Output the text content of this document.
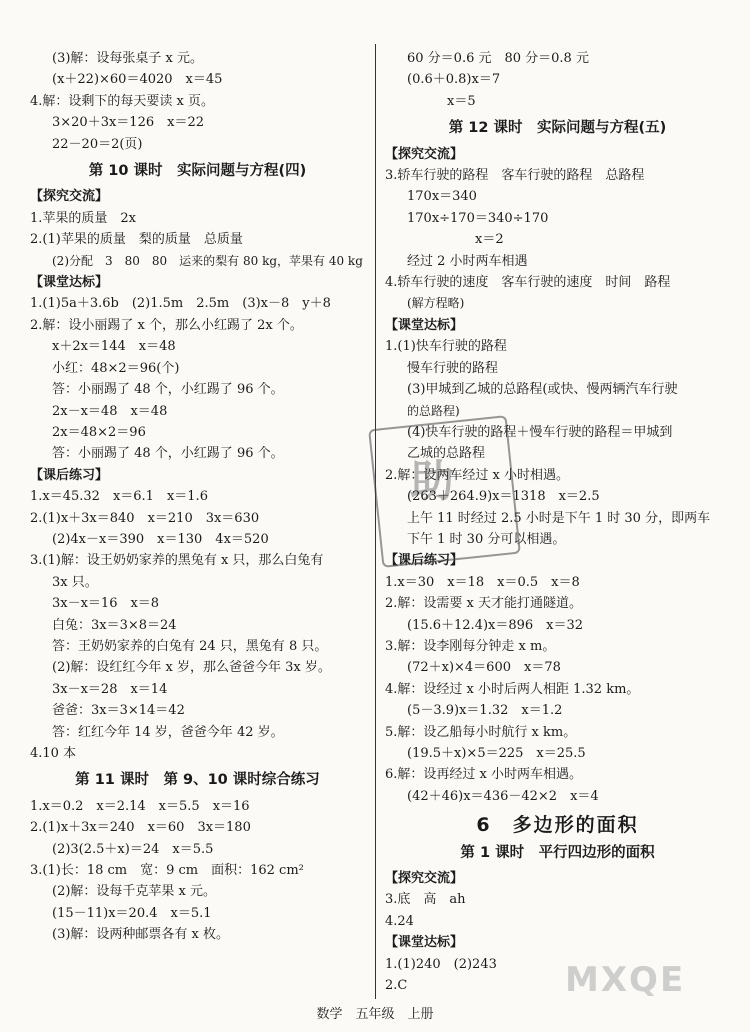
(3)解：设每张桌子 x 元。
(x＋22)×60＝4020　x＝45
4.解：设剩下的每天要读 x 页。
3×20＋3x＝126　x＝22
22－20＝2(页)
第 10 课时　实际问题与方程(四)
【探究交流】
1.苹果的质量　2x
2.(1)苹果的质量　梨的质量　总质量
(2)分配　3　80　80　运来的梨有 80 kg，苹果有 40 kg
【课堂达标】
1.(1)5a＋3.6b　(2)1.5m　2.5m　(3)x－8　y＋8
2.解：设小丽踢了 x 个，那么小红踢了 2x 个。
x＋2x＝144　x＝48
小红：48×2＝96(个)
答：小丽踢了 48 个，小红踢了 96 个。
2x－x＝48　x＝48
2x＝48×2＝96
答：小丽踢了 48 个，小红踢了 96 个。
【课后练习】
1.x＝45.32　x＝6.1　x＝1.6
2.(1)x＋3x＝840　x＝210　3x＝630
(2)4x－x＝390　x＝130　4x＝520
3.(1)解：设王奶奶家养的黑兔有 x 只，那么白兔有
3x 只。
3x－x＝16　x＝8
白兔：3x＝3×8＝24
答：王奶奶家养的白兔有 24 只，黑兔有 8 只。
(2)解：设红红今年 x 岁，那么爸爸今年 3x 岁。
3x－x＝28　x＝14
爸爸：3x＝3×14＝42
答：红红今年 14 岁，爸爸今年 42 岁。
4.10 本
第 11 课时　第 9、10 课时综合练习
1.x＝0.2　x＝2.14　x＝5.5　x＝16
2.(1)x＋3x＝240　x＝60　3x＝180
(2)3(2.5＋x)＝24　x＝5.5
3.(1)长：18 cm　宽：9 cm　面积：162 cm²
(2)解：设每千克苹果 x 元。
(15－11)x＝20.4　x＝5.1
(3)解：设两种邮票各有 x 枚。
60 分＝0.6 元　80 分＝0.8 元
(0.6＋0.8)x＝7
x＝5
第 12 课时　实际问题与方程(五)
【探究交流】
3.轿车行驶的路程　客车行驶的路程　总路程
170x＝340
170x÷170＝340÷170
x＝2
经过 2 小时两车相遇
4.轿车行驶的速度　客车行驶的速度　时间　路程
(解方程略)
【课堂达标】
1.(1)快车行驶的路程
慢车行驶的路程
(3)甲城到乙城的总路程(或快、慢两辆汽车行驶
的总路程)
(4)快车行驶的路程＋慢车行驶的路程＝甲城到
乙城的总路程
2.解：设两车经过 x 小时相遇。
(263＋264.9)x＝1318　x＝2.5
上午 11 时经过 2.5 小时是下午 1 时 30 分，即两车
下午 1 时 30 分可以相遇。
【课后练习】
1.x＝30　x＝18　x＝0.5　x＝8
2.解：设需要 x 天才能打通隧道。
(15.6＋12.4)x＝896　x＝32
3.解：设李刚每分钟走 x m。
(72＋x)×4＝600　x＝78
4.解：设经过 x 小时后两人相距 1.32 km。
(5－3.9)x＝1.32　x＝1.2
5.解：设乙船每小时航行 x km。
(19.5＋x)×5＝225　x＝25.5
6.解：设再经过 x 小时两车相遇。
(42＋46)x＝436－42×2　x＝4
6　多边形的面积
第 1 课时　平行四边形的面积
【探究交流】
3.底　高　ah
4.24
【课堂达标】
1.(1)240　(2)243
2.C
助
MXQE
数学　五年级　上册
